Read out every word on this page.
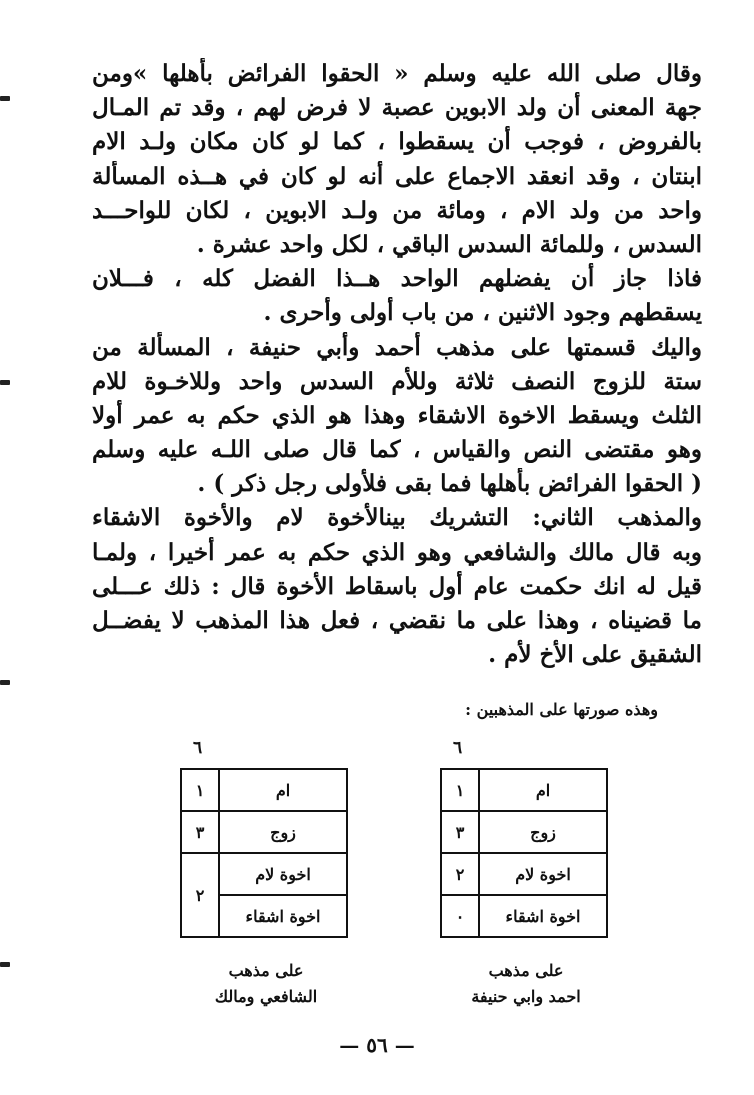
وقال صلى الله عليه وسلم « الحقوا الفرائض بأهلها »ومن
جهة المعنى أن ولد الابوين عصبة لا فرض لهم ، وقد تم المـال
بالفروض ، فوجب أن يسقطوا ، كما لو كان مكان ولـد الام
ابنتان ، وقد انعقد الاجماع على أنه لو كان في هــذه المسألة
واحد من ولد الام ، ومائة من ولـد الابوين ، لكان للواحـــد
السدس ، وللمائة السدس الباقي ، لكل واحد عشرة .
فاذا جاز أن يفضلهم الواحد هــذا الفضل كله ، فـــلان
يسقطهم وجود الاثنين ، من باب أولى وأحرى .
واليك قسمتها على مذهب أحمد وأبي حنيفة ، المسألة من
ستة للزوج النصف ثلاثة وللأم السدس واحد وللاخـوة للام
الثلث ويسقط الاخوة الاشقاء وهذا هو الذي حكم به عمر أولا
وهو مقتضى النص والقياس ، كما قال صلى اللـه عليه وسلم
( الحقوا الفرائض بأهلها فما بقى فلأولى رجل ذكر ) .
والمذهب الثاني: التشريك بينالأخوة لام والأخوة الاشقاء
وبه قال مالك والشافعي وهو الذي حكم به عمر أخيرا ، ولمـا
قيل له انك حكمت عام أول باسقاط الأخوة قال : ذلك عـــلى
ما قضيناه ، وهذا على ما نقضي ، فعل هذا المذهب لا يفضــل
الشقيق على الأخ لأم .
وهذه صورتها على المذهبين :
٦
ام	١
زوج	٣
اخوة لام	٢
اخوة اشقاء	٠
على مذهب
احمد وابي حنيفة
٦
ام	١
زوج	٣
اخوة لام	٢
اخوة اشقاء	
على مذهب
الشافعي ومالك
— ٥٦ —
